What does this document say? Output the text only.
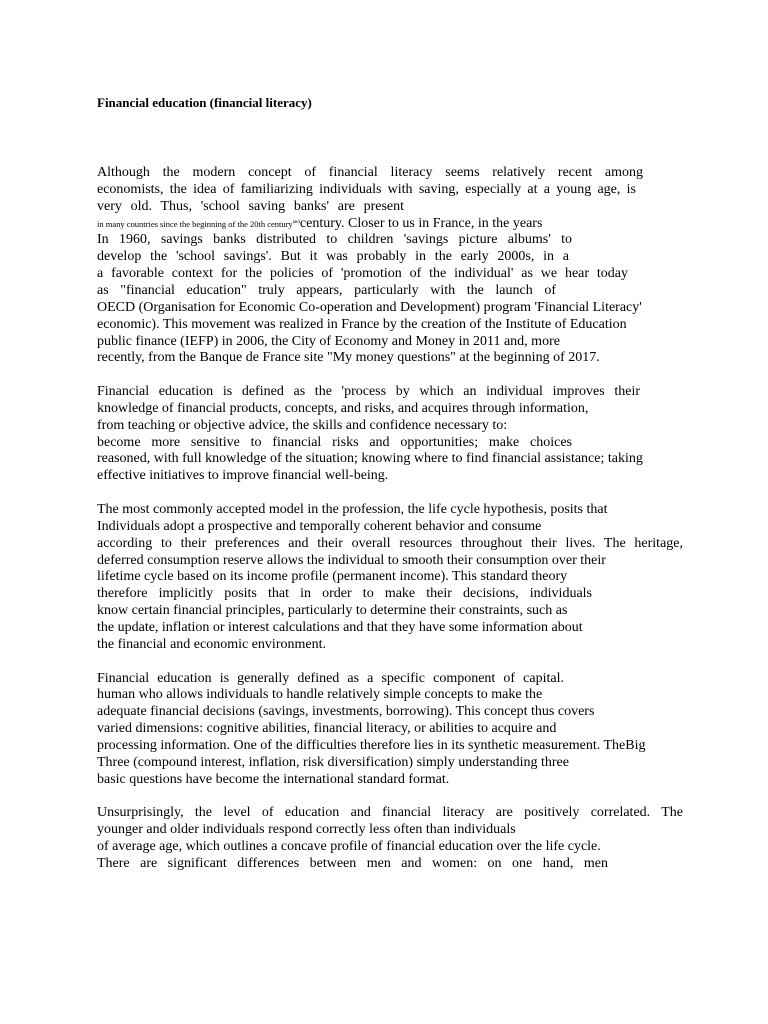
Financial education (financial literacy)
Although the modern concept of financial literacy seems relatively recent among
economists, the idea of familiarizing individuals with saving, especially at a young age, is
very old. Thus, 'school saving banks' are present
in many countries since the beginning of the 20th century$^{and}$century. Closer to us in France, in the years
In 1960, savings banks distributed to children 'savings picture albums' to
develop the 'school savings'. But it was probably in the early 2000s, in a
a favorable context for the policies of 'promotion of the individual' as we hear today
as "financial education" truly appears, particularly with the launch of
OECD (Organisation for Economic Co-operation and Development) program 'Financial Literacy'
economic). This movement was realized in France by the creation of the Institute of Education
public finance (IEFP) in 2006, the City of Economy and Money in 2011 and, more
recently, from the Banque de France site "My money questions" at the beginning of 2017.
Financial education is defined as the 'process by which an individual improves their
knowledge of financial products, concepts, and risks, and acquires through information,
from teaching or objective advice, the skills and confidence necessary to:
become more sensitive to financial risks and opportunities; make choices
reasoned, with full knowledge of the situation; knowing where to find financial assistance; taking
effective initiatives to improve financial well-being.
The most commonly accepted model in the profession, the life cycle hypothesis, posits that
Individuals adopt a prospective and temporally coherent behavior and consume
according to their preferences and their overall resources throughout their lives. The heritage,
deferred consumption reserve allows the individual to smooth their consumption over their
lifetime cycle based on its income profile (permanent income). This standard theory
therefore implicitly posits that in order to make their decisions, individuals
know certain financial principles, particularly to determine their constraints, such as
the update, inflation or interest calculations and that they have some information about
the financial and economic environment.
Financial education is generally defined as a specific component of capital.
human who allows individuals to handle relatively simple concepts to make the
adequate financial decisions (savings, investments, borrowing). This concept thus covers
varied dimensions: cognitive abilities, financial literacy, or abilities to acquire and
processing information. One of the difficulties therefore lies in its synthetic measurement. TheBig
Three (compound interest, inflation, risk diversification) simply understanding three
basic questions have become the international standard format.
Unsurprisingly, the level of education and financial literacy are positively correlated. The
younger and older individuals respond correctly less often than individuals
of average age, which outlines a concave profile of financial education over the life cycle.
There are significant differences between men and women: on one hand, men
